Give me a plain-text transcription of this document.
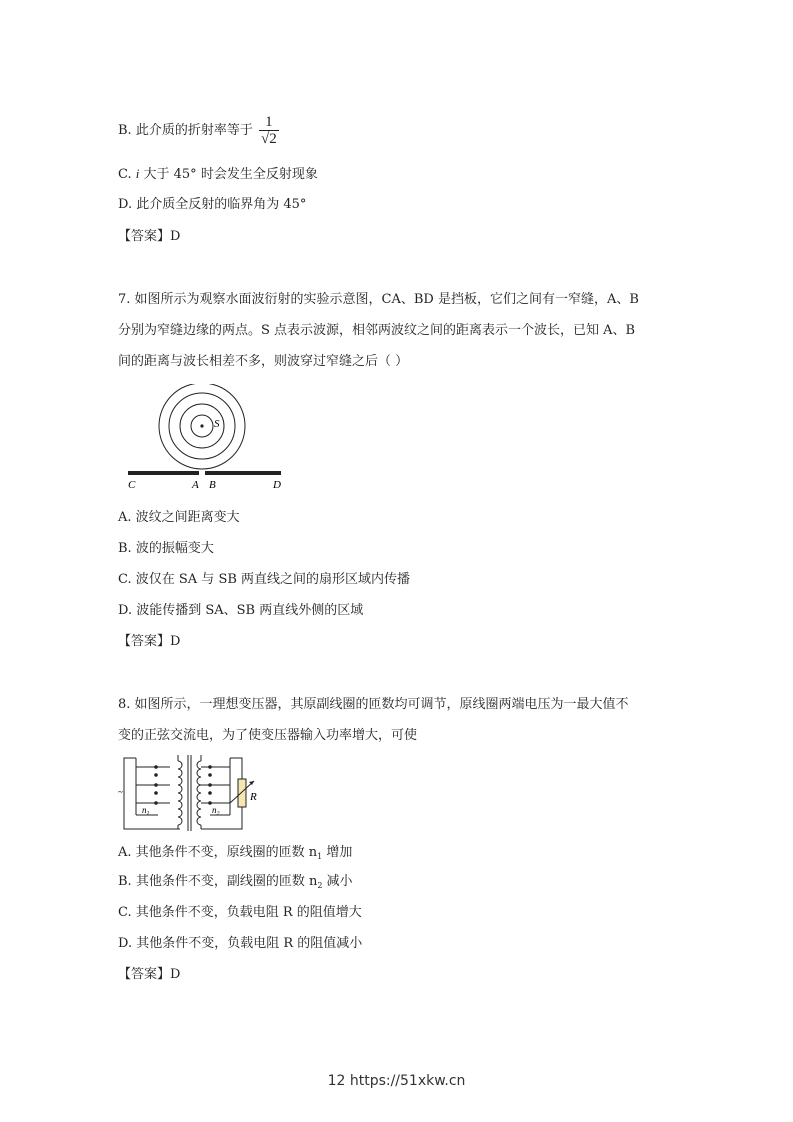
B. 此介质的折射率等于 $\frac{1}{√2}$
C. i 大于 45° 时会发生全反射现象
D. 此介质全反射的临界角为 45°
【答案】D
7. 如图所示为观察水面波衍射的实验示意图，CA、BD 是挡板，它们之间有一窄缝，A、B
分别为窄缝边缘的两点。S 点表示波源，相邻两波纹之间的距离表示一个波长，已知 A、B
间的距离与波长相差不多，则波穿过窄缝之后（ ）
S
C	A B	D
A. 波纹之间距离变大
B. 波的振幅变大
C. 波仅在 SA 与 SB 两直线之间的扇形区域内传播
D. 波能传播到 SA、SB 两直线外侧的区域
【答案】D
8. 如图所示，一理想变压器，其原副线圈的匝数均可调节，原线圈两端电压为一最大值不
变的正弦交流电，为了使变压器输入功率增大，可使
~
$n_1$	$n_2$
R
A. 其他条件不变，原线圈的匝数 $n_1$ 增加
B. 其他条件不变，副线圈的匝数 $n_2$ 减小
C. 其他条件不变，负载电阻 R 的阻值增大
D. 其他条件不变，负载电阻 R 的阻值减小
【答案】D
12 https://51xkw.cn
